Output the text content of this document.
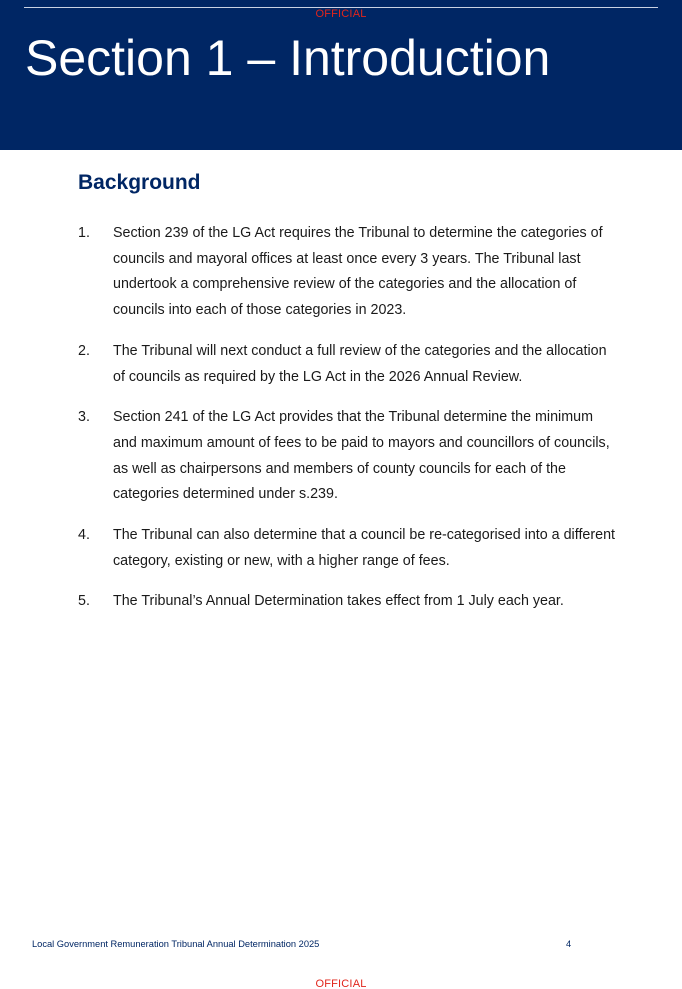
Section 1 – Introduction
OFFICIAL
Background
1.	Section 239 of the LG Act requires the Tribunal to determine the categories of councils and mayoral offices at least once every 3 years. The Tribunal last undertook a comprehensive review of the categories and the allocation of councils into each of those categories in 2023.
2.	The Tribunal will next conduct a full review of the categories and the allocation of councils as required by the LG Act in the 2026 Annual Review.
3.	Section 241 of the LG Act provides that the Tribunal determine the minimum and maximum amount of fees to be paid to mayors and councillors of councils, as well as chairpersons and members of county councils for each of the categories determined under s.239.
4.	The Tribunal can also determine that a council be re-categorised into a different category, existing or new, with a higher range of fees.
5.	The Tribunal’s Annual Determination takes effect from 1 July each year.
Local Government Remuneration Tribunal Annual Determination 2025	4
OFFICIAL
